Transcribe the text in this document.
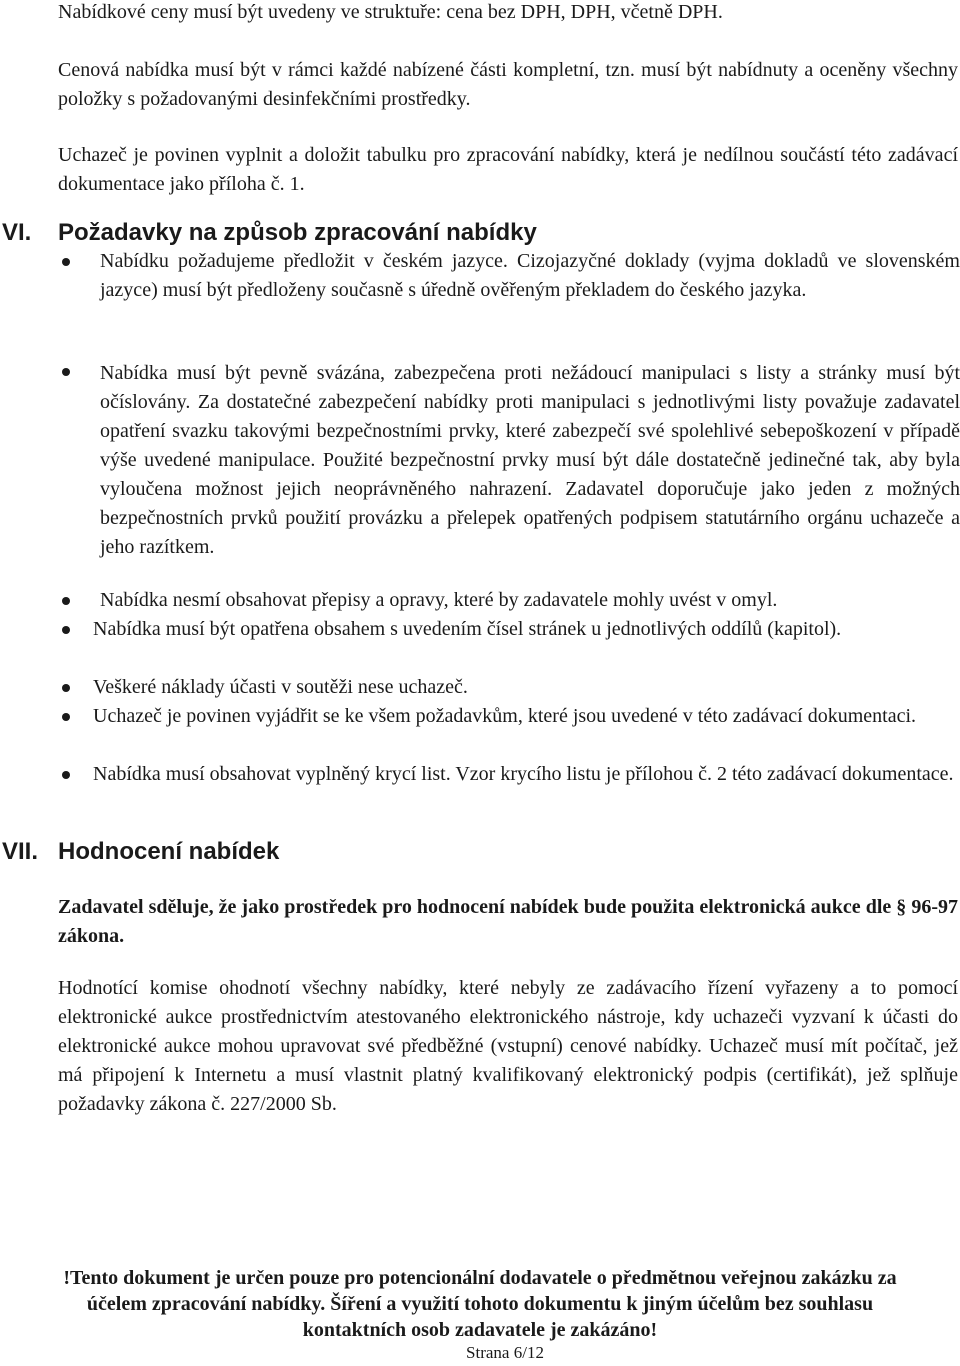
Nabídkové ceny musí být uvedeny ve struktuře: cena bez DPH, DPH, včetně DPH.

Cenová nabídka musí být v rámci každé nabízené části kompletní, tzn. musí být nabídnuty a oceněny všechny položky s požadovanými desinfekčními prostředky.

Uchazeč je povinen vyplnit a doložit tabulku pro zpracování nabídky, která je nedílnou součástí této zadávací dokumentace jako příloha č. 1.

VI. Požadavky na způsob zpracování nabídky

Nabídku požadujeme předložit v českém jazyce. Cizojazyčné doklady (vyjma dokladů ve slovenském jazyce) musí být předloženy současně s úředně ověřeným překladem do českého jazyka.

Nabídka musí být pevně svázána, zabezpečena proti nežádoucí manipulaci s listy a stránky musí být očíslovány. Za dostatečné zabezpečení nabídky proti manipulaci s jednotlivými listy považuje zadavatel opatření svazku takovými bezpečnostními prvky, které zabezpečí své spolehlivé sebepoškození v případě výše uvedené manipulace. Použité bezpečnostní prvky musí být dále dostatečně jedinečné tak, aby byla vyloučena možnost jejich neoprávněného nahrazení. Zadavatel doporučuje jako jeden z možných bezpečnostních prvků použití provázku a přelepek opatřených podpisem statutárního orgánu uchazeče a jeho razítkem.

Nabídka nesmí obsahovat přepisy a opravy, které by zadavatele mohly uvést v omyl.

Nabídka musí být opatřena obsahem s uvedením čísel stránek u jednotlivých oddílů (kapitol).

Veškeré náklady účasti v soutěži nese uchazeč.

Uchazeč je povinen vyjádřit se ke všem požadavkům, které jsou uvedené v této zadávací dokumentaci.

Nabídka musí obsahovat vyplněný krycí list. Vzor krycího listu je přílohou č. 2 této zadávací dokumentace.

VII. Hodnocení nabídek

Zadavatel sděluje, že jako prostředek pro hodnocení nabídek bude použita elektronická aukce dle § 96-97 zákona.

Hodnotící komise ohodnotí všechny nabídky, které nebyly ze zadávacího řízení vyřazeny a to pomocí elektronické aukce prostřednictvím atestovaného elektronického nástroje, kdy uchazeči vyzvaní k účasti do elektronické aukce mohou upravovat své předběžné (vstupní) cenové nabídky. Uchazeč musí mít počítač, jež má připojení k Internetu a musí vlastnit platný kvalifikovaný elektronický podpis (certifikát), jež splňuje požadavky zákona č. 227/2000 Sb.

!Tento dokument je určen pouze pro potencionální dodavatele o předmětnou veřejnou zakázku za účelem zpracování nabídky. Šíření a využití tohoto dokumentu k jiným účelům bez souhlasu kontaktních osob zadavatele je zakázáno!

Strana 6/12
